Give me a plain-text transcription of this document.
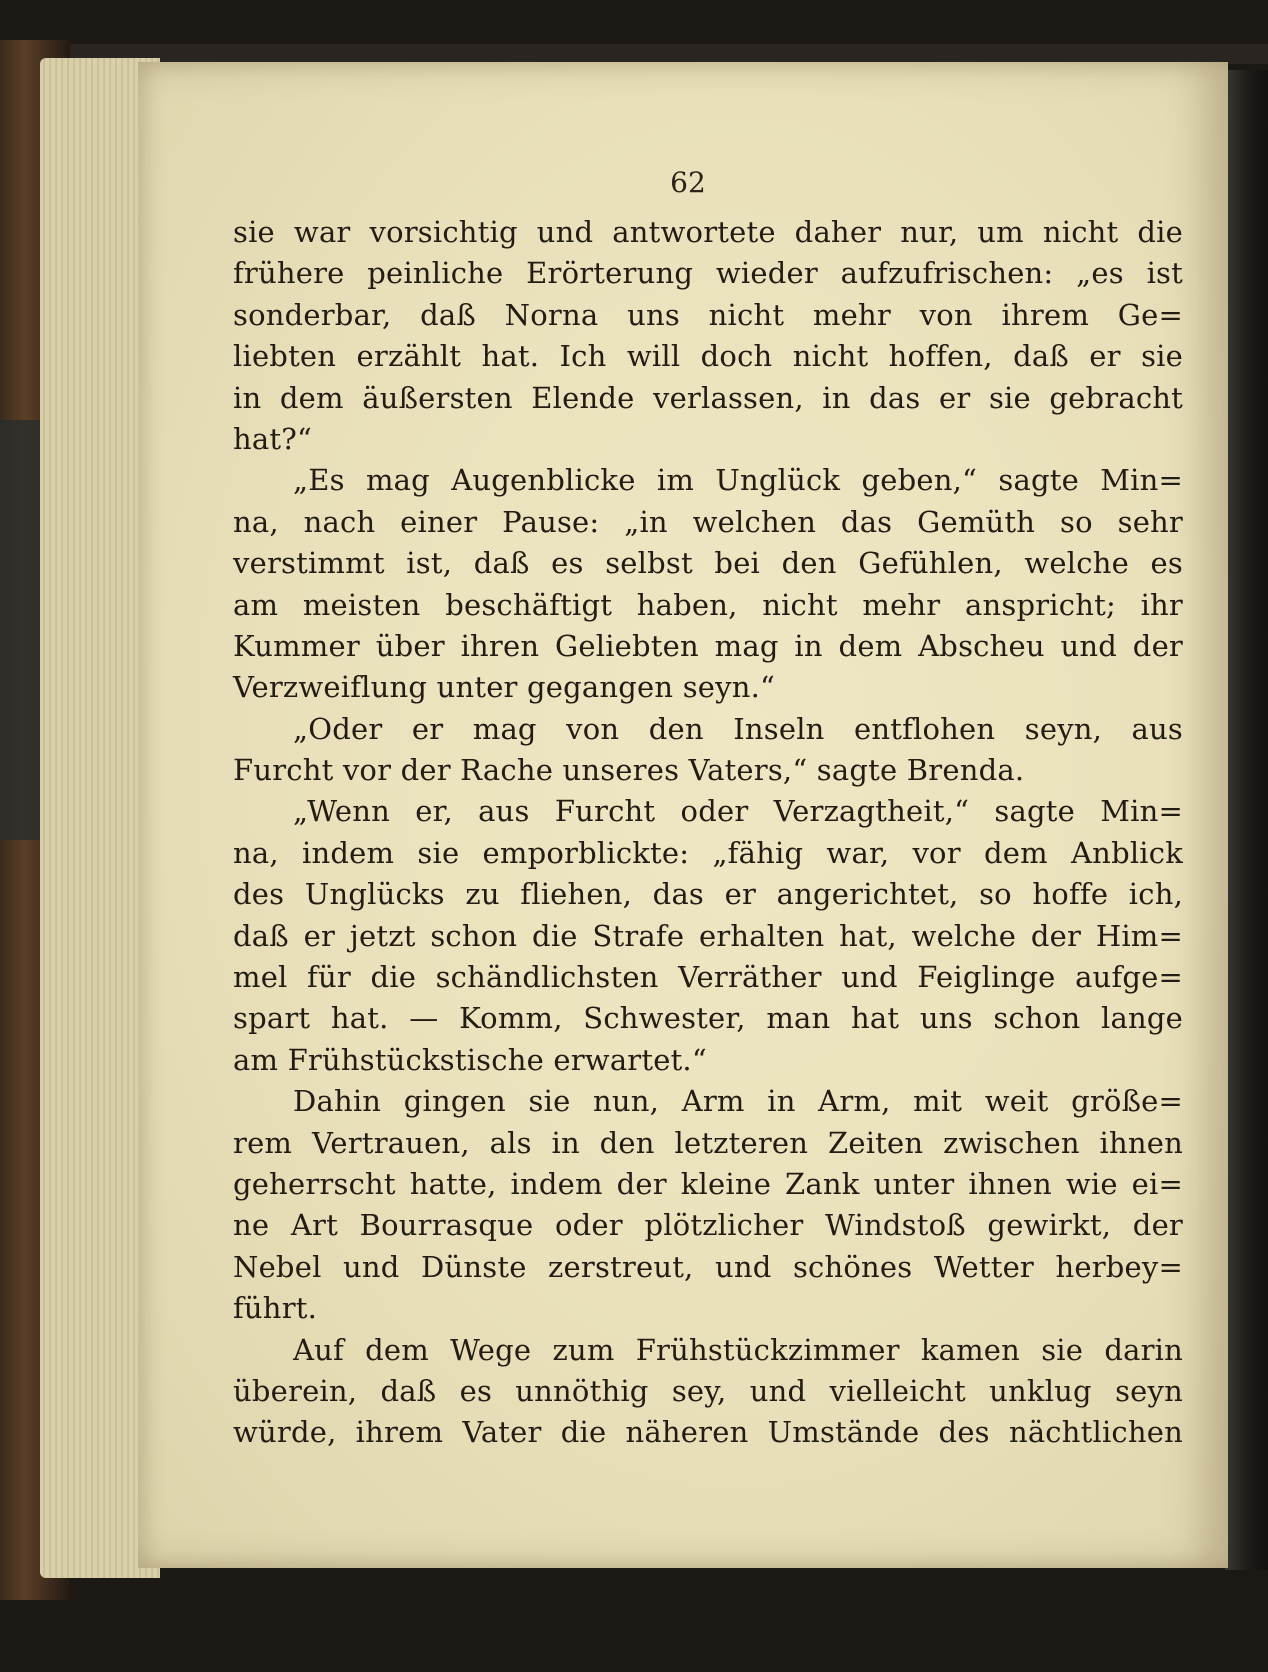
62
sie war vorsichtig und antwortete daher nur, um nicht die
frühere peinliche Erörterung wieder aufzufrischen: „es ist
sonderbar, daß Norna uns nicht mehr von ihrem Ge=
liebten erzählt hat. Ich will doch nicht hoffen, daß er sie
in dem äußersten Elende verlassen, in das er sie gebracht
hat?“
„Es mag Augenblicke im Unglück geben,“ sagte Min=
na, nach einer Pause: „in welchen das Gemüth so sehr
verstimmt ist, daß es selbst bei den Gefühlen, welche es
am meisten beschäftigt haben, nicht mehr anspricht; ihr
Kummer über ihren Geliebten mag in dem Abscheu und der
Verzweiflung unter gegangen seyn.“
„Oder er mag von den Inseln entflohen seyn, aus
Furcht vor der Rache unseres Vaters,“ sagte Brenda.
„Wenn er, aus Furcht oder Verzagtheit,“ sagte Min=
na, indem sie emporblickte: „fähig war, vor dem Anblick
des Unglücks zu fliehen, das er angerichtet, so hoffe ich,
daß er jetzt schon die Strafe erhalten hat, welche der Him=
mel für die schändlichsten Verräther und Feiglinge aufge=
spart hat. — Komm, Schwester, man hat uns schon lange
am Frühstückstische erwartet.“
Dahin gingen sie nun, Arm in Arm, mit weit größe=
rem Vertrauen, als in den letzteren Zeiten zwischen ihnen
geherrscht hatte, indem der kleine Zank unter ihnen wie ei=
ne Art Bourrasque oder plötzlicher Windstoß gewirkt, der
Nebel und Dünste zerstreut, und schönes Wetter herbey=
führt.
Auf dem Wege zum Frühstückzimmer kamen sie darin
überein, daß es unnöthig sey, und vielleicht unklug seyn
würde, ihrem Vater die näheren Umstände des nächtlichen
